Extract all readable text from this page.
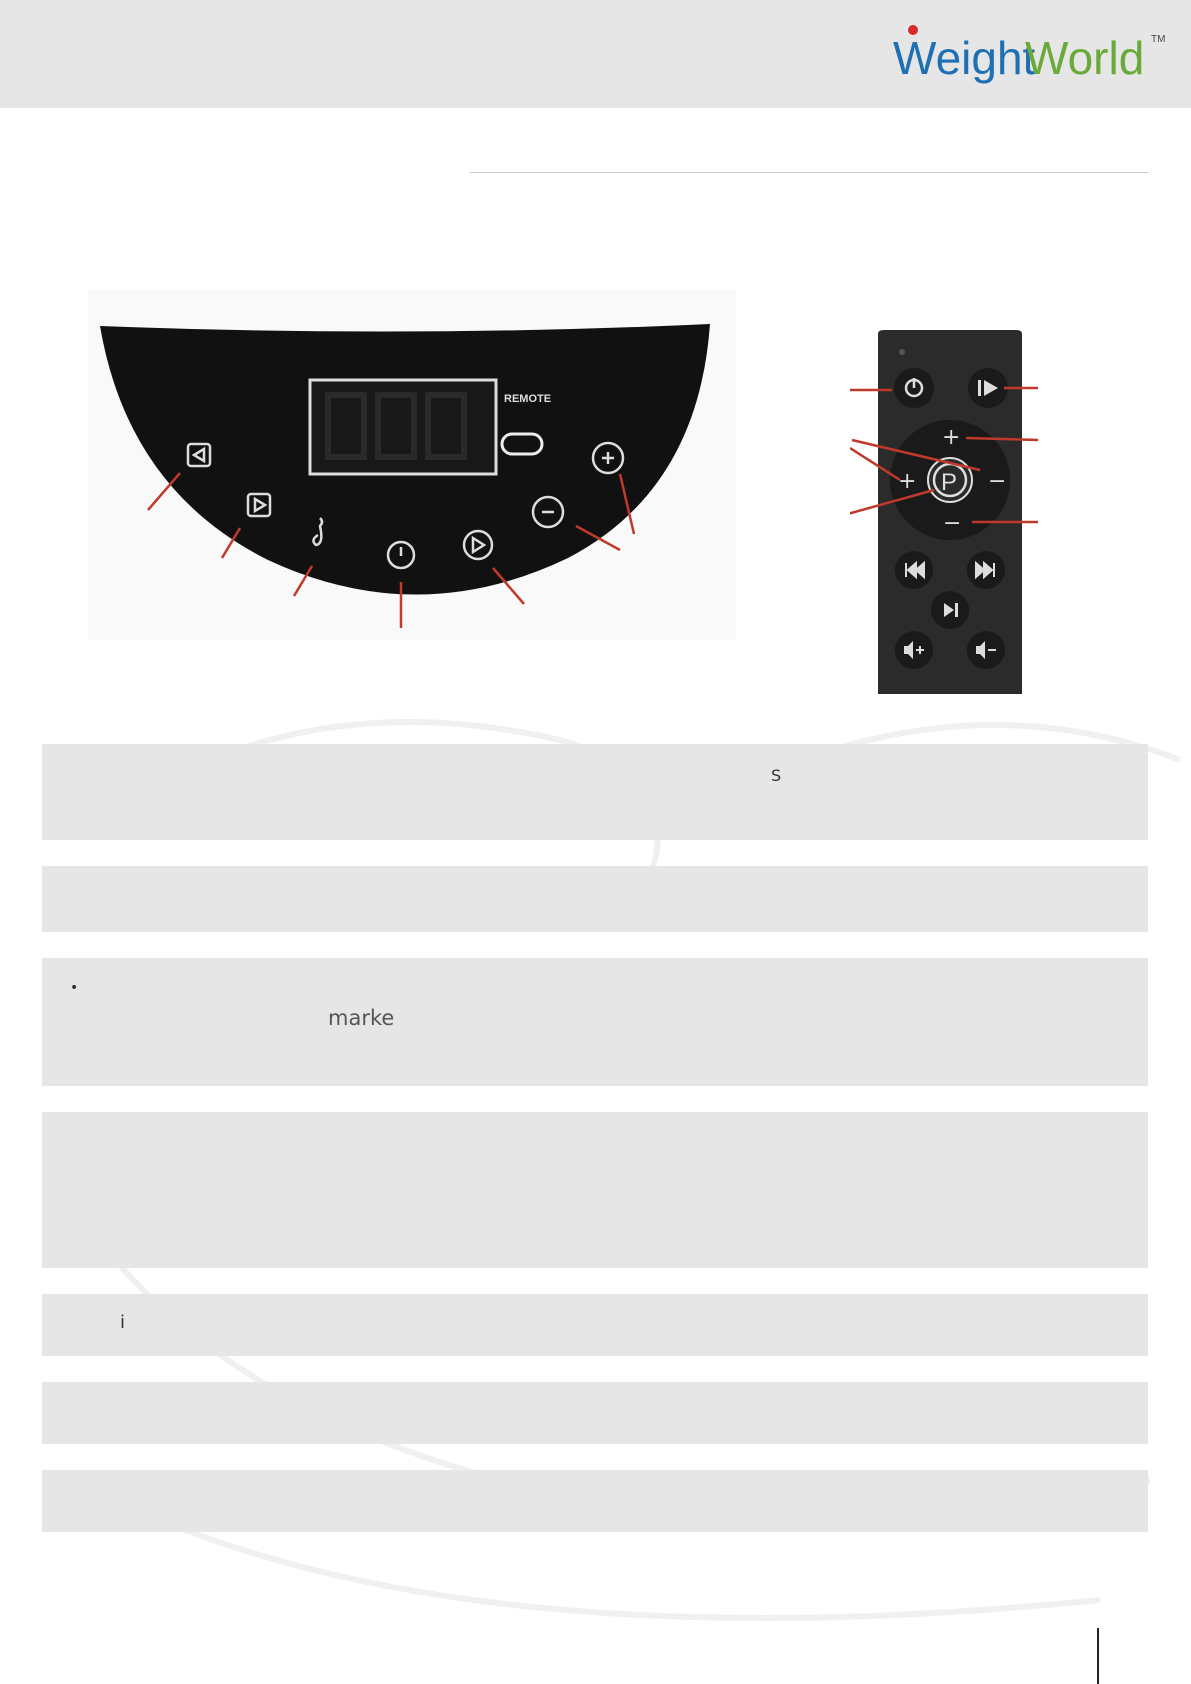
Weight
World TM
REMOTE
+
+	−
−
P
S
•
marke
i
